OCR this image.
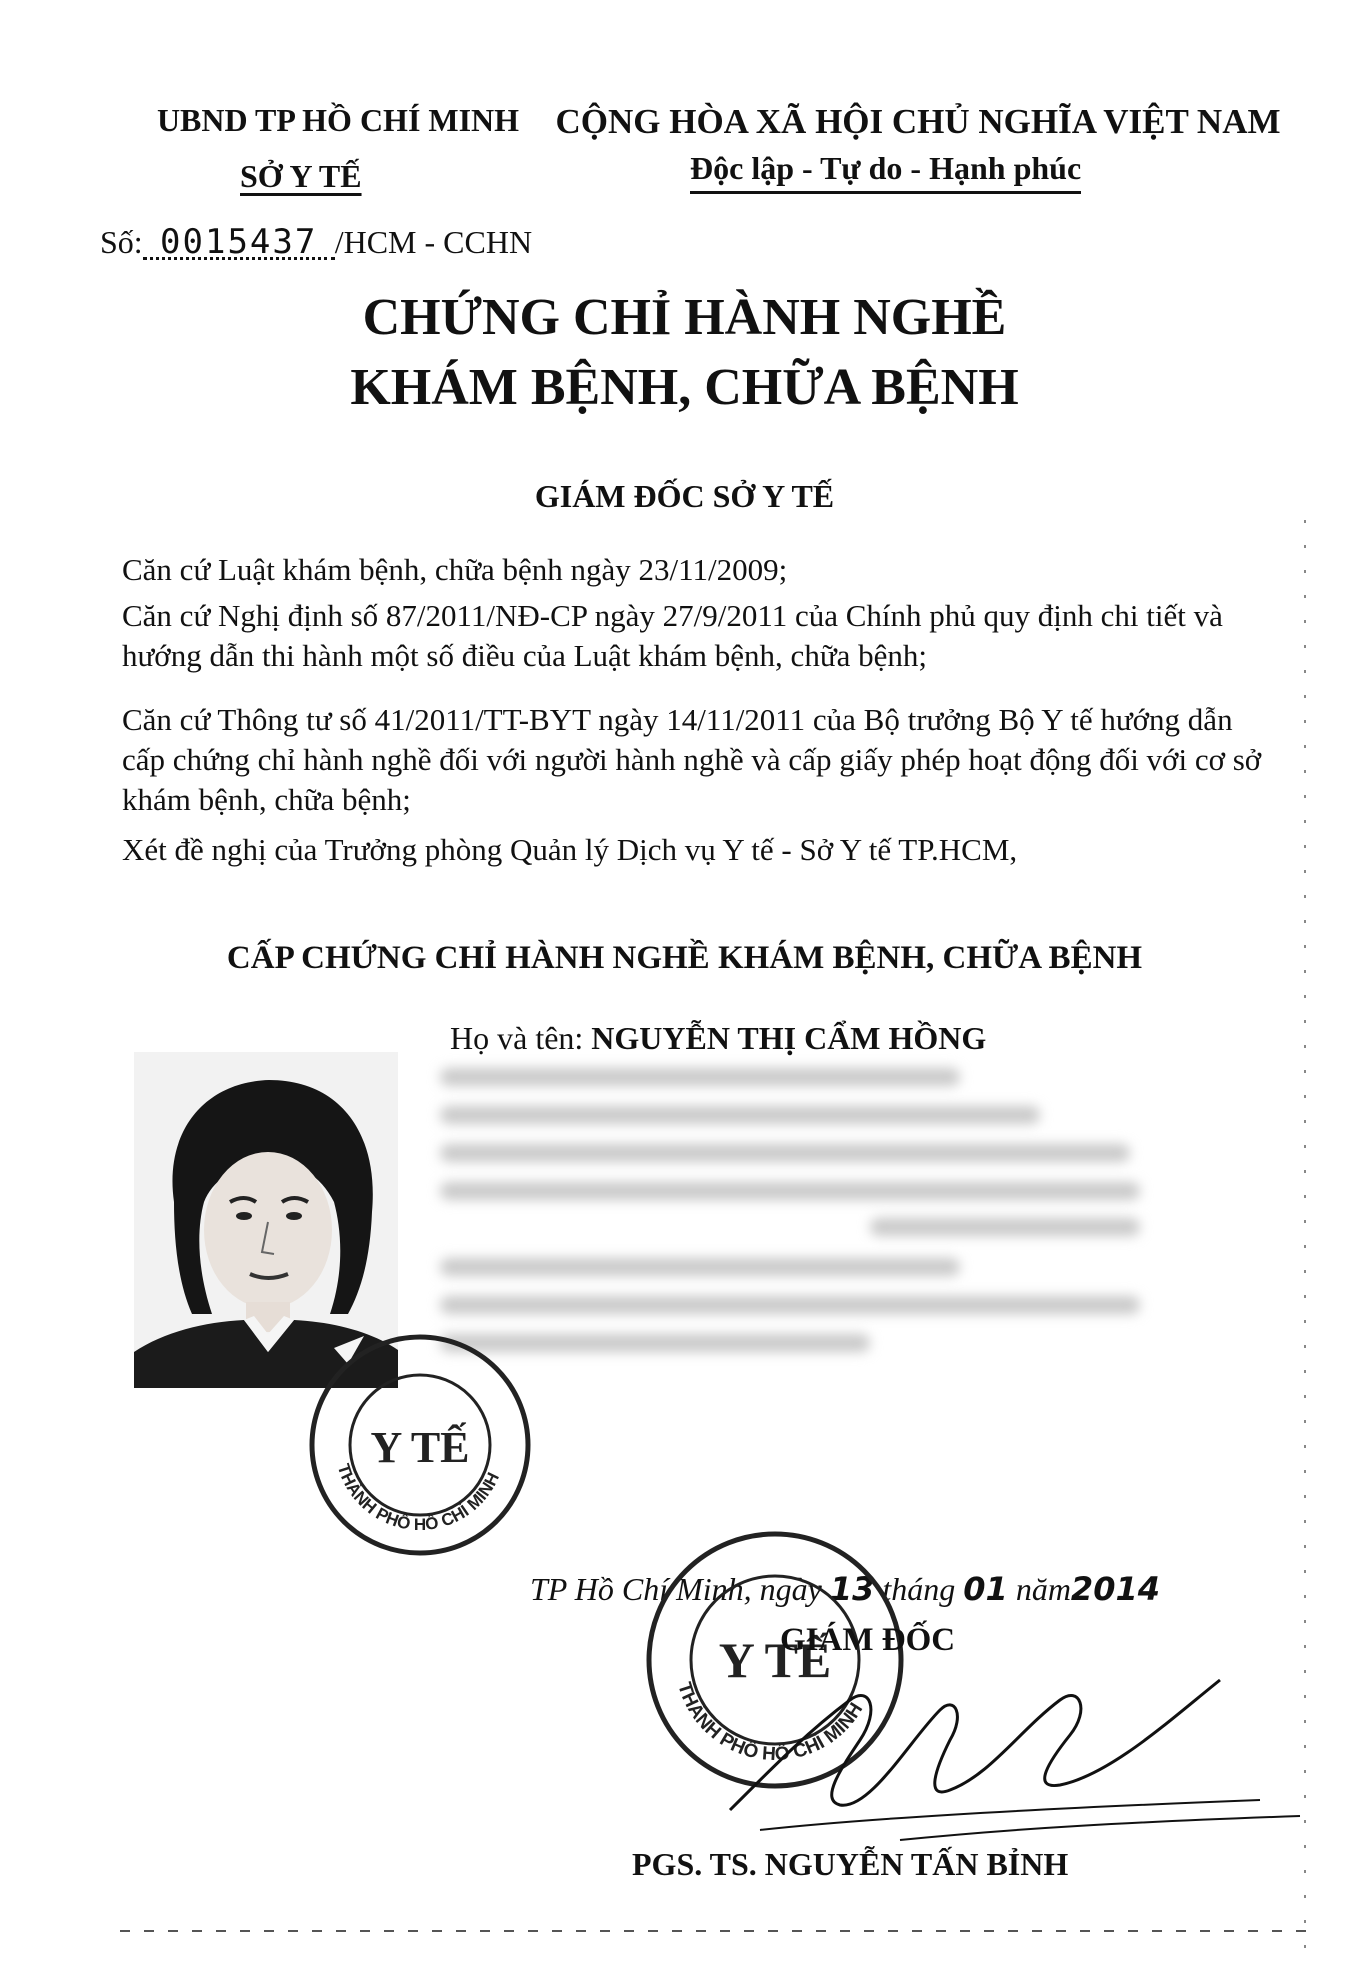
UBND TP HỒ CHÍ MINH
SỞ Y TẾ
CỘNG HÒA XÃ HỘI CHỦ NGHĨA VIỆT NAM
Độc lập - Tự do - Hạnh phúc
Số: 0015437 /HCM - CCHN
CHỨNG CHỈ HÀNH NGHỀ
KHÁM BỆNH, CHỮA BỆNH
GIÁM ĐỐC SỞ Y TẾ
Căn cứ Luật khám bệnh, chữa bệnh ngày 23/11/2009;
Căn cứ Nghị định số 87/2011/NĐ-CP ngày 27/9/2011 của Chính phủ quy định chi tiết và hướng dẫn thi hành một số điều của Luật khám bệnh, chữa bệnh;
Căn cứ Thông tư số 41/2011/TT-BYT ngày 14/11/2011 của Bộ trưởng Bộ Y tế hướng dẫn cấp chứng chỉ hành nghề đối với người hành nghề và cấp giấy phép hoạt động đối với cơ sở khám bệnh, chữa bệnh;
Xét đề nghị của Trưởng phòng Quản lý Dịch vụ Y tế - Sở Y tế TP.HCM,
CẤP CHỨNG CHỈ HÀNH NGHỀ KHÁM BỆNH, CHỮA BỆNH
Họ và tên: NGUYỄN THỊ CẨM HỒNG
Y TẾ
THÀNH PHỐ HỒ CHÍ MINH
TP Hồ Chí Minh, ngày 13 tháng 01 năm2014
Y TẾ
THÀNH PHỐ HỒ CHÍ MINH
GIÁM ĐỐC
PGS. TS. NGUYỄN TẤN BỈNH
